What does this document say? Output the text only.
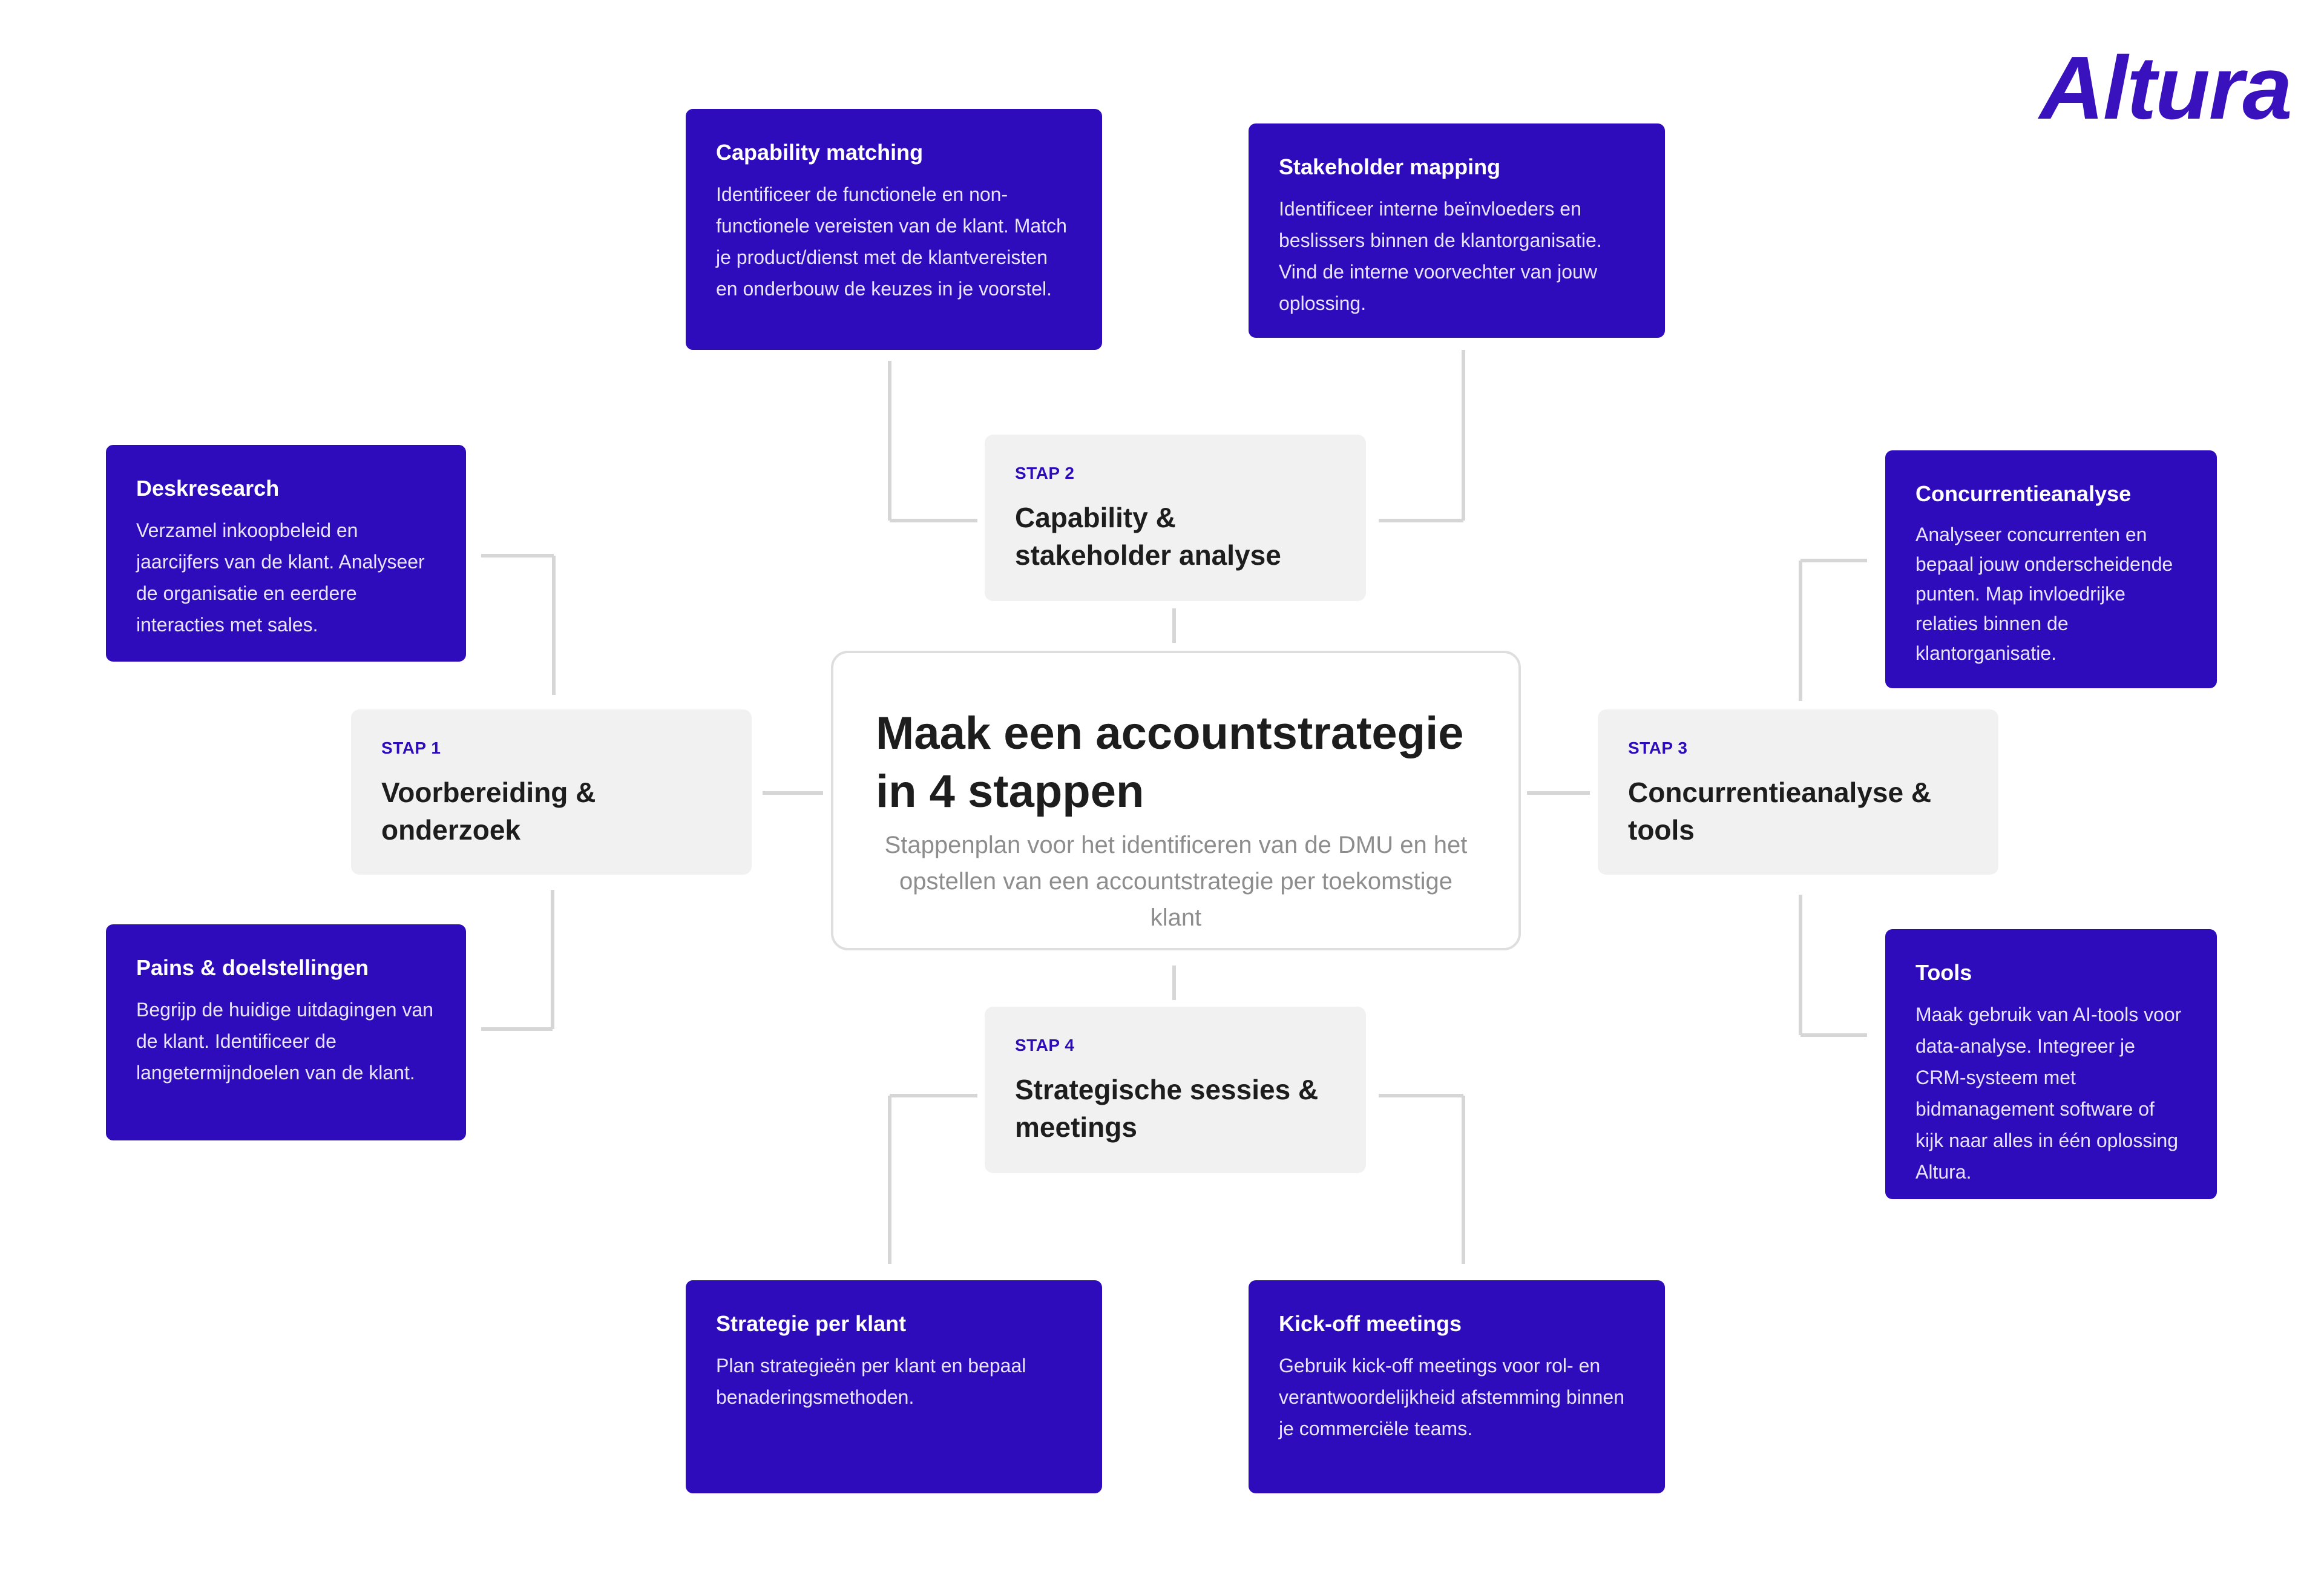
Altura
Maak een accountstrategie in 4 stappen

Stappenplan voor het identificeren van de DMU en het opstellen van een accountstrategie per toekomstige klant

STAP 1
Voorbereiding & onderzoek
STAP 2
Capability & stakeholder analyse
STAP 3
Concurrentieanalyse & tools
STAP 4
Strategische sessies & meetings
Deskresearch

Verzamel inkoopbeleid en jaarcijfers van de klant. Analyseer de organisatie en eerdere interacties met sales.

Pains & doelstellingen

Begrijp de huidige uitdagingen van de klant. Identificeer de langetermijndoelen van de klant.

Capability matching

Identificeer de functionele en non-functionele vereisten van de klant. Match je product/dienst met de klantvereisten en onderbouw de keuzes in je voorstel.

Stakeholder mapping

Identificeer interne beïnvloeders en beslissers binnen de klantorganisatie. Vind de interne voorvechter van jouw oplossing.

Concurrentieanalyse

Analyseer concurrenten en bepaal jouw onderscheidende punten. Map invloedrijke relaties binnen de klantorganisatie.

Tools

Maak gebruik van AI-tools voor data-analyse. Integreer je CRM-systeem met bidmanagement software of kijk naar alles in één oplossing Altura.

Strategie per klant

Plan strategieën per klant en bepaal benaderingsmethoden.

Kick-off meetings

Gebruik kick-off meetings voor rol- en verantwoordelijkheid afstemming binnen je commerciële teams.
